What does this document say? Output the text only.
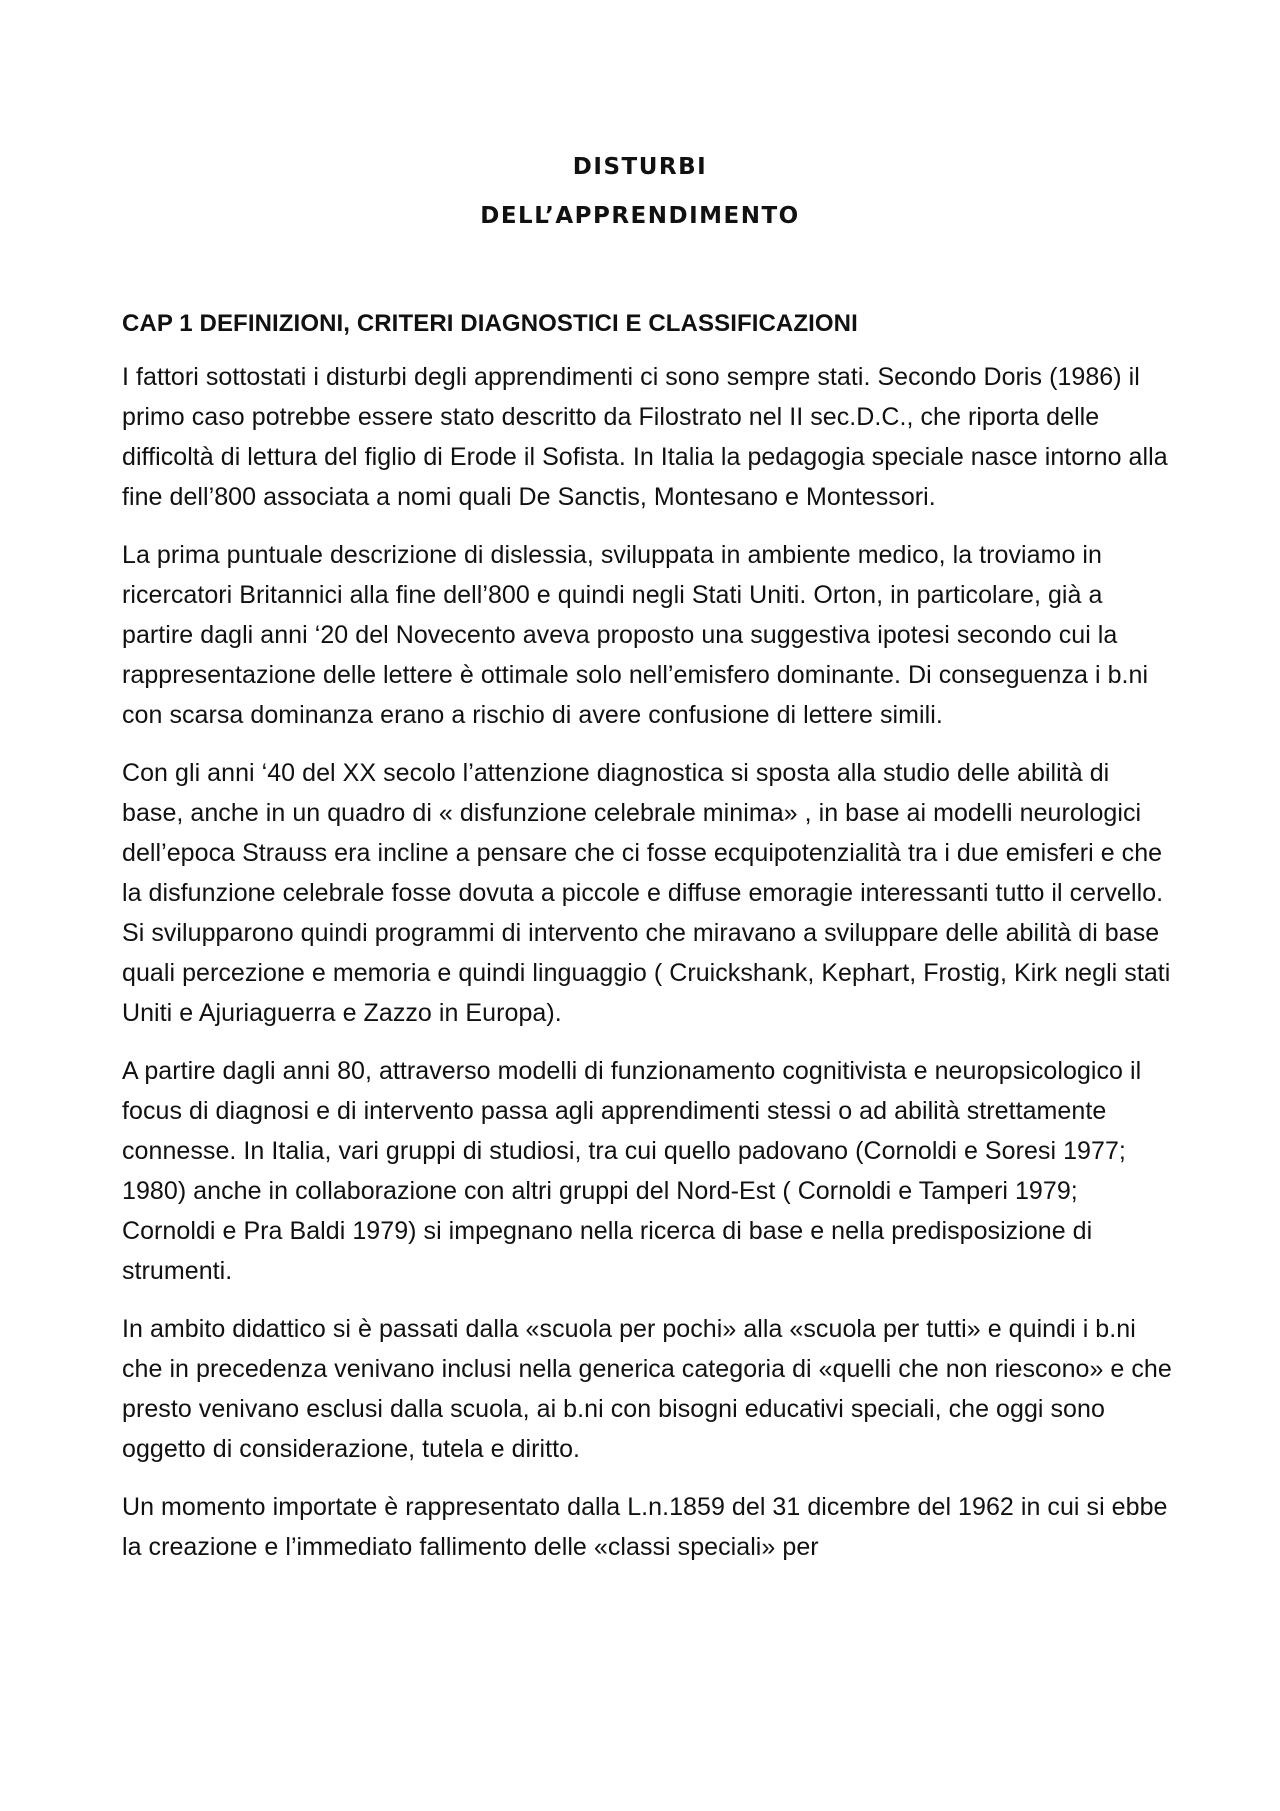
DISTURBI
DELL’APPRENDIMENTO
CAP 1 DEFINIZIONI, CRITERI DIAGNOSTICI E CLASSIFICAZIONI

I fattori sottostati i disturbi degli apprendimenti ci sono sempre stati. Secondo Doris (1986) il primo caso potrebbe essere stato descritto da Filostrato nel II sec.D.C., che riporta delle difficoltà di lettura del figlio di Erode il Sofista. In Italia la pedagogia speciale nasce intorno alla fine dell’800 associata a nomi quali De Sanctis, Montesano e Montessori.

La prima puntuale descrizione di dislessia, sviluppata in ambiente medico, la troviamo in ricercatori Britannici alla fine dell’800 e quindi negli Stati Uniti. Orton, in particolare, già a partire dagli anni ‘20 del Novecento aveva proposto una suggestiva ipotesi secondo cui la rappresentazione delle lettere è ottimale solo nell’emisfero dominante. Di conseguenza i b.ni con scarsa dominanza erano a rischio di avere confusione di lettere simili.

Con gli anni ‘40 del XX secolo l’attenzione diagnostica si sposta alla studio delle abilità di base, anche in un quadro di « disfunzione celebrale minima» , in base ai modelli neurologici dell’epoca Strauss era incline a pensare che ci fosse ecquipotenzialità tra i due emisferi e che la disfunzione celebrale fosse dovuta a piccole e diffuse emoragie interessanti tutto il cervello. Si svilupparono quindi programmi di intervento che miravano a sviluppare delle abilità di base quali percezione e memoria e quindi linguaggio ( Cruickshank, Kephart, Frostig, Kirk negli stati Uniti e Ajuriaguerra e Zazzo in Europa).

A partire dagli anni 80, attraverso modelli di funzionamento cognitivista e neuropsicologico il focus di diagnosi e di intervento passa agli apprendimenti stessi o ad abilità strettamente connesse. In Italia, vari gruppi di studiosi, tra cui quello padovano (Cornoldi e Soresi 1977; 1980) anche in collaborazione con altri gruppi del Nord-Est ( Cornoldi e Tamperi 1979; Cornoldi e Pra Baldi 1979) si impegnano nella ricerca di base e nella predisposizione di strumenti.

In ambito didattico si è passati dalla «scuola per pochi» alla «scuola per tutti» e quindi i b.ni che in precedenza venivano inclusi nella generica categoria di «quelli che non riescono» e che presto venivano esclusi dalla scuola, ai b.ni con bisogni educativi speciali, che oggi sono oggetto di considerazione, tutela e diritto.

Un momento importate è rappresentato dalla L.n.1859 del 31 dicembre del 1962 in cui si ebbe la creazione e l’immediato fallimento delle «classi speciali» per
